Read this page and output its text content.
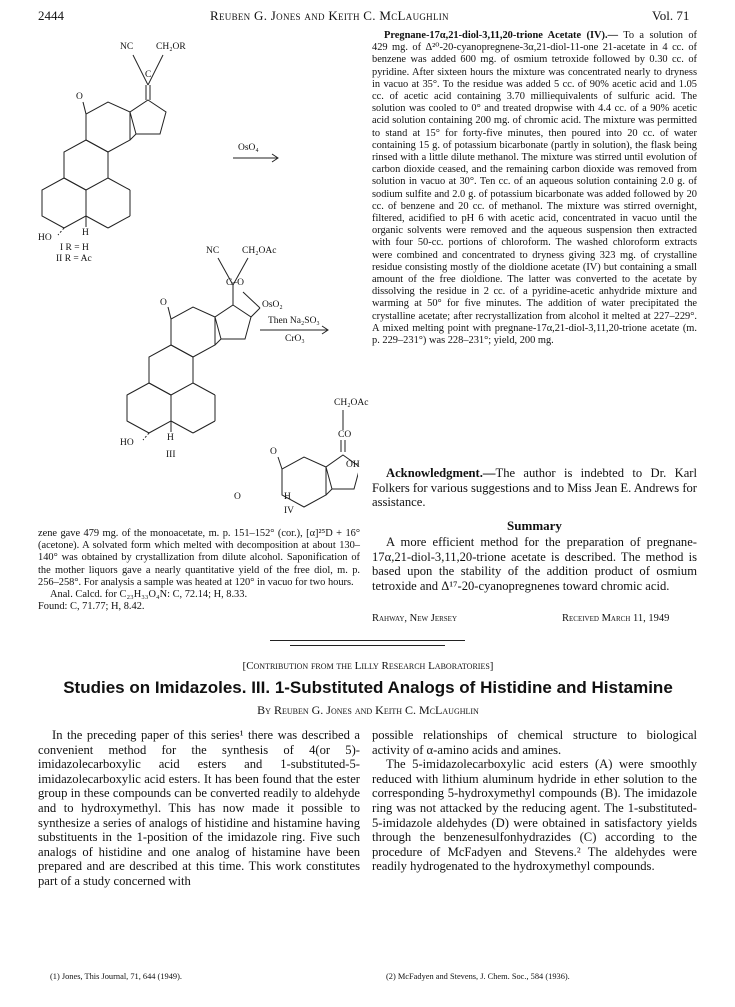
2444	Reuben G. Jones and Keith C. McLaughlin	Vol. 71
NC CH₂OR
C
O
HO	H
OsO₄
I R = H
II R = Ac
NC CH₂OAc
C–O
OsO₂
O
HO	H
III
Then Na₂SO₃
CrO₃
CH₂OAc
CO
O
OH
O	H
IV

zene gave 479 mg. of the monoacetate, m. p. 151–152° (cor.), [α]²⁵D + 16° (acetone). A solvated form which melted with decomposition at about 130–140° was obtained by crystallization from dilute alcohol. Saponification of the mother liquors gave a nearly quantitative yield of the free diol, m. p. 256–258°. For analysis a sample was heated at 120° in vacuo for two hours.

Anal. Calcd. for C₂₃H₃₃O₄N: C, 72.14; H, 8.33.

Found: C, 71.77; H, 8.42.

Pregnane-17α,21-diol-3,11,20-trione Acetate (IV).— To a solution of 429 mg. of Δ²⁰-20-cyanopregnene-3α,21-diol-11-one 21-acetate in 4 cc. of benzene was added 600 mg. of osmium tetroxide followed by 0.30 cc. of pyridine. After sixteen hours the mixture was concentrated nearly to dryness in vacuo at 35°. To the residue was added 5 cc. of 90% acetic acid and 1.05 cc. of acetic acid containing 3.70 milliequivalents of sulfuric acid. The solution was cooled to 0° and treated dropwise with 4.4 cc. of a 90% acetic acid solution containing 200 mg. of chromic acid. The mixture was permitted to stand at 15° for forty-five minutes, then poured into 20 cc. of water containing 15 g. of potassium bicarbonate (partly in solution), the flask being rinsed with a little dilute methanol. The mixture was stirred until evolution of carbon dioxide ceased, and the remaining carbon dioxide was removed from solution in vacuo at 30°. Ten cc. of an aqueous solution containing 2.0 g. of sodium sulfite and 2.0 g. of potassium bicarbonate was added followed by 20 cc. of benzene and 20 cc. of methanol. The mixture was stirred overnight, filtered, acidified to pH 6 with acetic acid, concentrated in vacuo until the organic solvents were removed and the aqueous suspension then extracted with four 50-cc. portions of chloroform. The washed chloroform extracts were combined and concentrated to dryness giving 323 mg. of crystalline residue consisting mostly of the dioldione acetate (IV) but containing a small amount of the free dioldione. The latter was converted to the acetate by dissolving the residue in 2 cc. of a pyridine-acetic anhydride mixture and warming at 50° for five minutes. The addition of water precipitated the crystalline acetate; after recrystallization from alcohol it melted at 227–229°. A mixed melting point with pregnane-17α,21-diol-3,11,20-trione acetate (m. p. 229–231°) was 228–231°; yield, 200 mg.

Acknowledgment.—The author is indebted to Dr. Karl Folkers for various suggestions and to Miss Jean E. Andrews for assistance.

Summary

A more efficient method for the preparation of pregnane-17α,21-diol-3,11,20-trione acetate is described. The method is based upon the stability of the addition product of osmium tetroxide and Δ¹⁷-20-cyanopregnenes toward chromic acid.

Rahway, New Jersey	Received March 11, 1949
[Contribution from the Lilly Research Laboratories]
Studies on Imidazoles. III. 1-Substituted Analogs of Histidine and Histamine
By Reuben G. Jones and Keith C. McLaughlin

In the preceding paper of this series¹ there was described a convenient method for the synthesis of 4(or 5)-imidazolecarboxylic acid esters and 1-substituted-5-imidazolecarboxylic acid esters. It has been found that the ester group in these compounds can be converted readily to aldehyde and to hydroxymethyl. This has now made it possible to synthesize a series of analogs of histidine and histamine having substituents in the 1-position of the imidazole ring. Five such analogs of histidine and one analog of histamine have been prepared and are described at this time. This work constitutes part of a study concerned with

possible relationships of chemical structure to biological activity of α-amino acids and amines.

The 5-imidazolecarboxylic acid esters (A) were smoothly reduced with lithium aluminum hydride in ether solution to the corresponding 5-hydroxymethyl compounds (B). The imidazole ring was not attacked by the reducing agent. The 1-substituted-5-imidazole aldehydes (D) were obtained in satisfactory yields through the benzenesulfonhydrazides (C) according to the procedure of McFadyen and Stevens.² The aldehydes were readily hydrogenated to the hydroxymethyl compounds.

(1) Jones, This Journal, 71, 644 (1949).	(2) McFadyen and Stevens, J. Chem. Soc., 584 (1936).
